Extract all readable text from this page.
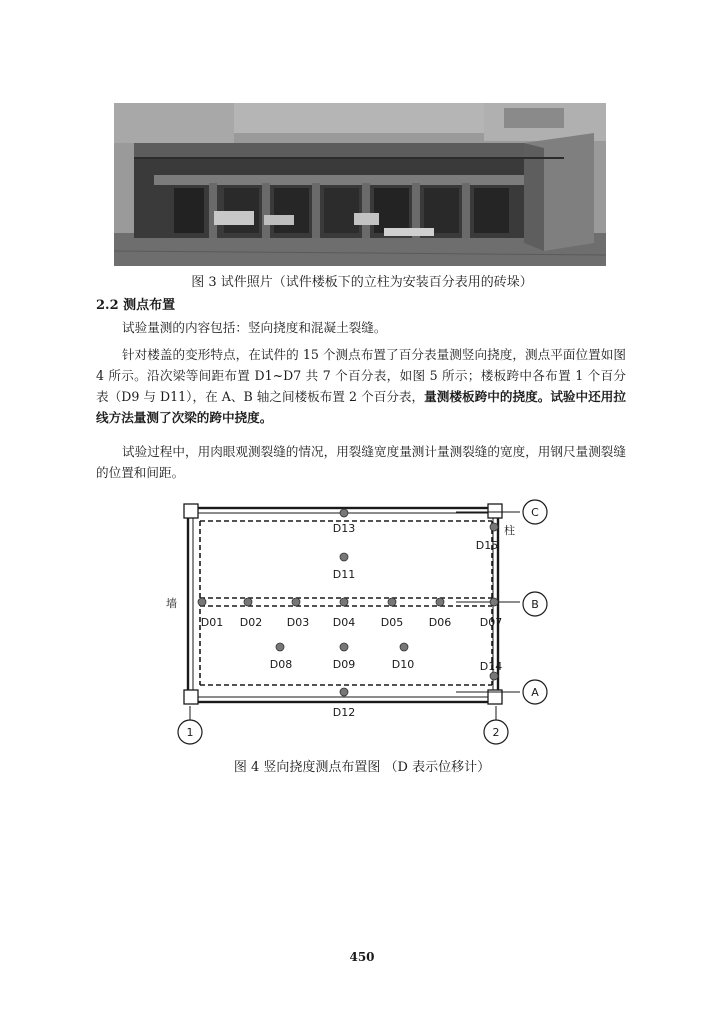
图 3 试件照片（试件楼板下的立柱为安装百分表用的砖垛）
2.2 测点布置

试验量测的内容包括：竖向挠度和混凝土裂缝。

针对楼盖的变形特点，在试件的 15 个测点布置了百分表量测竖向挠度，测点平面位置如图 4 所示。沿次梁等间距布置 D1~D7 共 7 个百分表，如图 5 所示；楼板跨中各布置 1 个百分表（D9 与 D11），在 A、B 轴之间楼板布置 2 个百分表，量测楼板跨中的挠度。试验中还用拉线方法量测了次梁的跨中挠度。

试验过程中，用肉眼观测裂缝的情况，用裂缝宽度量测计量测裂缝的宽度，用钢尺量测裂缝的位置和间距。

C
B
A
1	2
D13
D15
柱
D11
墙
D01 D02 D03 D04 D05 D06	D07
D08	D09	D10	D14
D12
图 4 竖向挠度测点布置图 （D 表示位移计）
450
